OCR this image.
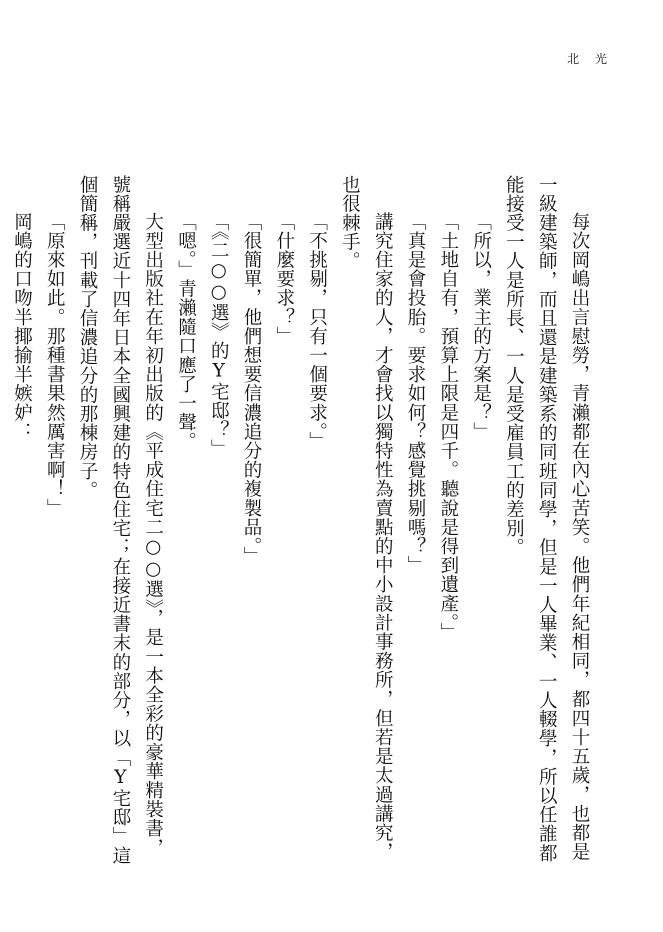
北 光

每次岡嶋出言慰勞，青瀨都在內心苦笑。他們年紀相同，都四十五歲，也都是一級建築師，而且還是建築系的同班同學，但是一人畢業、一人輟學，所以任誰都能接受一人是所長、一人是受雇員工的差別。

「所以，業主的方案是？」

「土地自有，預算上限是四千。聽說是得到遺產。」

「真是會投胎。要求如何？感覺挑剔嗎？」

講究住家的人，才會找以獨特性為賣點的中小設計事務所，但若是太過講究，也很棘手。

「不挑剔，只有一個要求。」

「什麼要求？」

「很簡單，他們想要信濃追分的複製品。」

「《二○○選》的Y宅邸？」

「嗯。」青瀨隨口應了一聲。

大型出版社在年初出版的《平成住宅二○○選》，是一本全彩的豪華精裝書，號稱嚴選近十四年日本全國興建的特色住宅；在接近書末的部分，以「Y宅邸」這個簡稱，刊載了信濃追分的那棟房子。

「原來如此。那種書果然厲害啊！」

岡嶋的口吻半揶揄半嫉妒：
